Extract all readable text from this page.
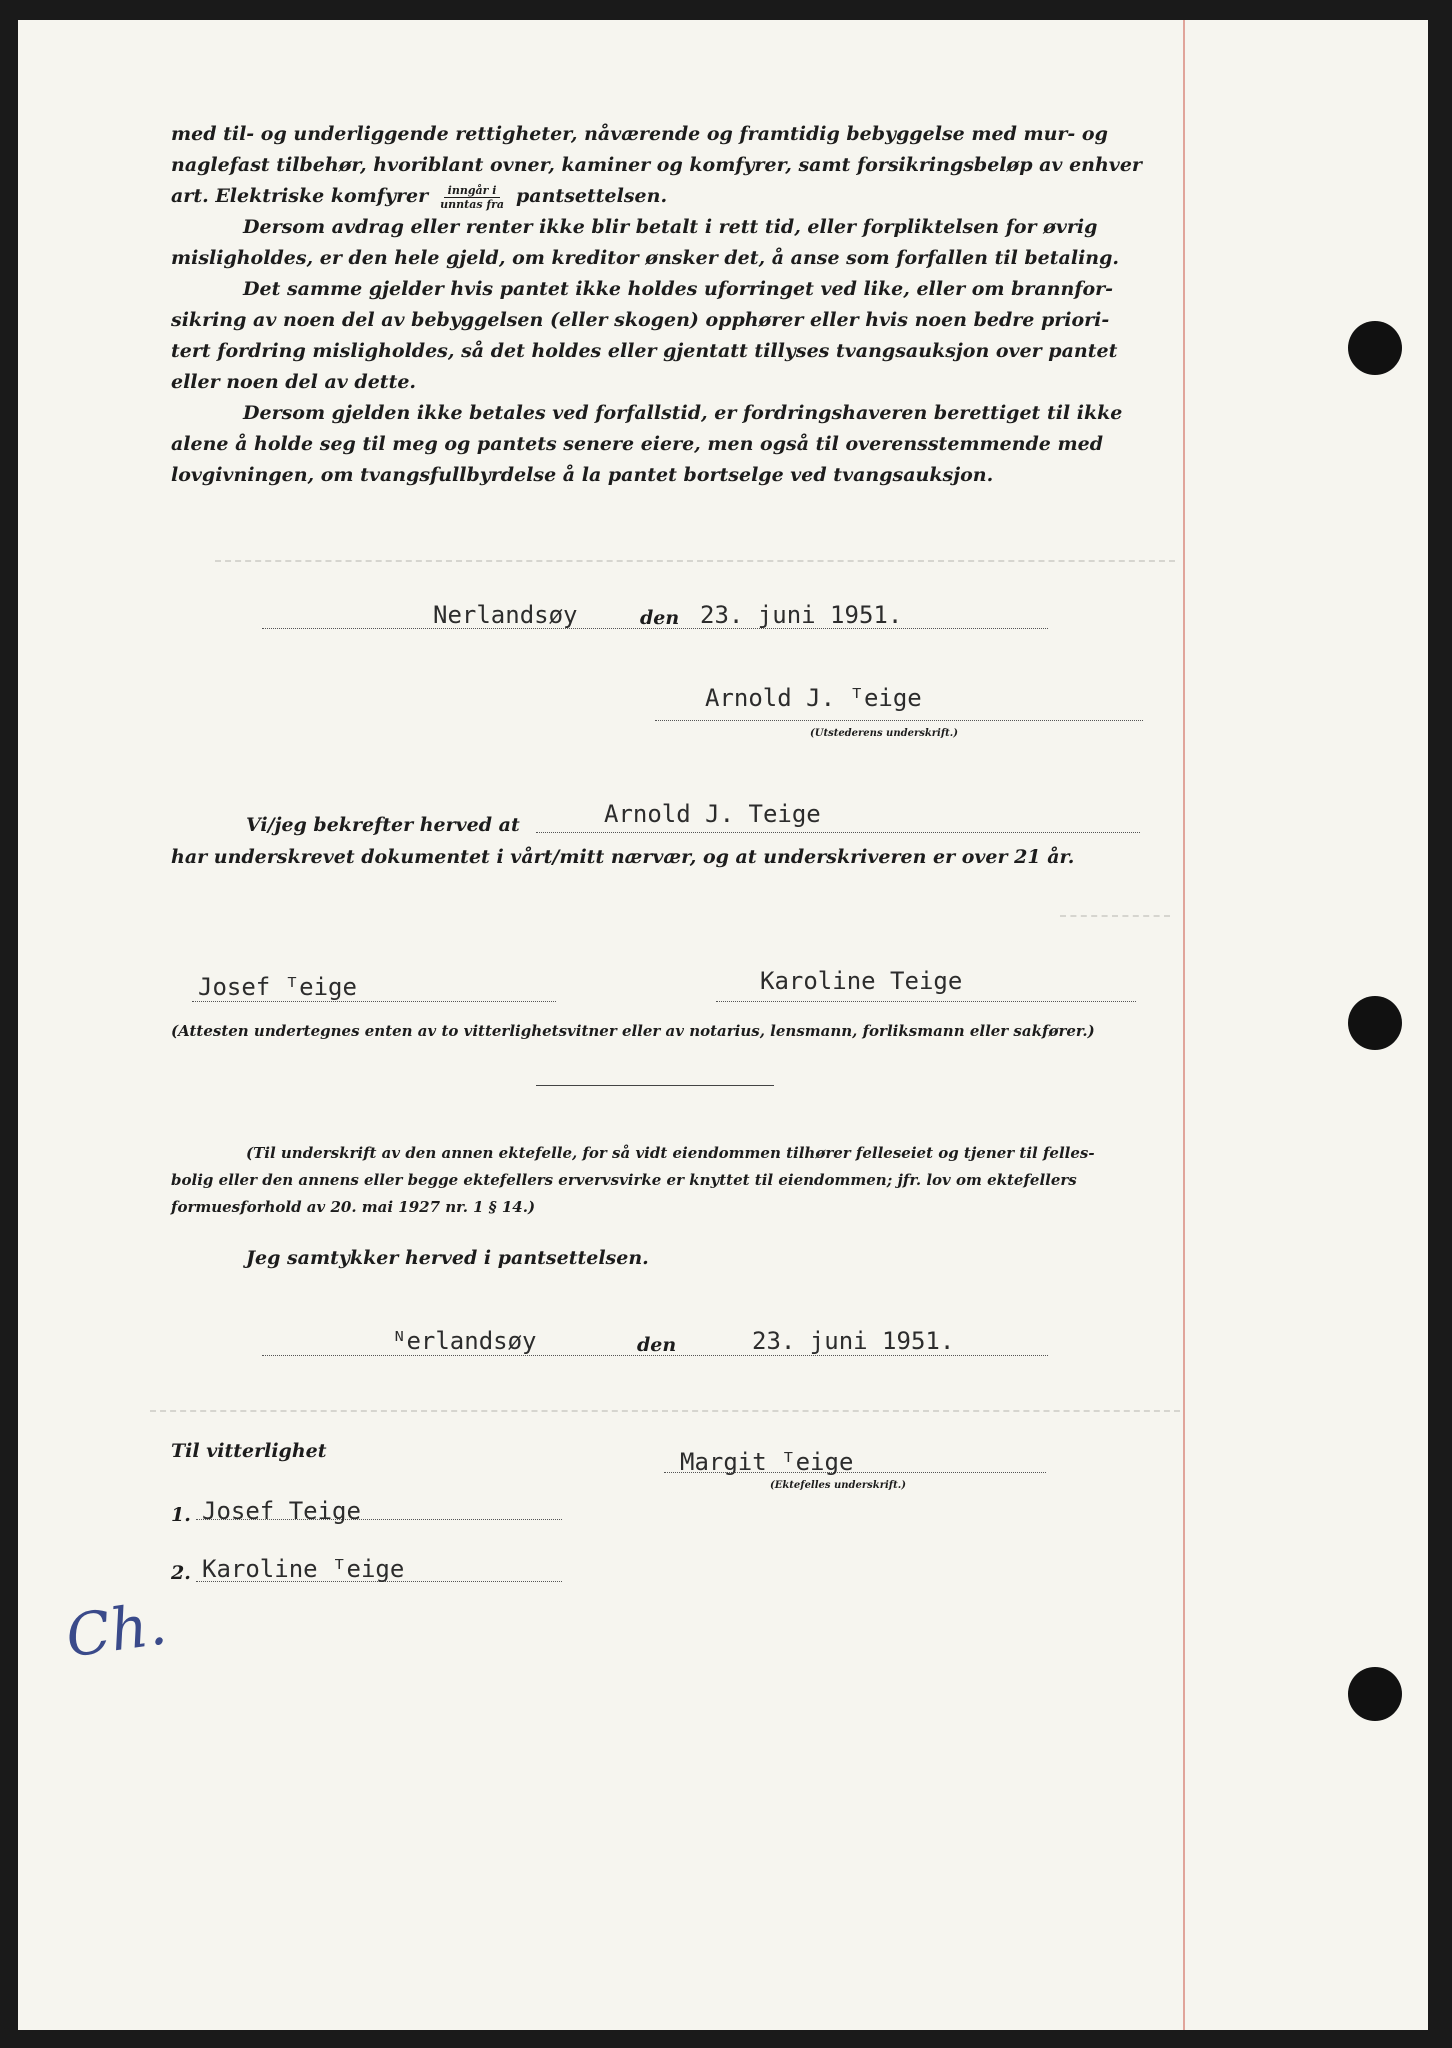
med til- og underliggende rettigheter, nåværende og framtidig bebyggelse med mur- og

naglefast tilbehør, hvoriblant ovner, kaminer og komfyrer, samt forsikringsbeløp av enhver

art. Elektriske komfyrer $\frac{\text{inngår i}}{\text{unntas fra}}$ pantsettelsen.

Dersom avdrag eller renter ikke blir betalt i rett tid, eller forpliktelsen for øvrig

misligholdes, er den hele gjeld, om kreditor ønsker det, å anse som forfallen til betaling.

Det samme gjelder hvis pantet ikke holdes uforringet ved like, eller om brannfor-

sikring av noen del av bebyggelsen (eller skogen) opphører eller hvis noen bedre priori-

tert fordring misligholdes, så det holdes eller gjentatt tillyses tvangsauksjon over pantet

eller noen del av dette.

Dersom gjelden ikke betales ved forfallstid, er fordringshaveren berettiget til ikke

alene å holde seg til meg og pantets senere eiere, men også til overensstemmende med

lovgivningen, om tvangsfullbyrdelse å la pantet bortselge ved tvangsauksjon.

Nerlandsøy	den 23. juni 1951.

Arnold J. ᵀeige

(Utstederens underskrift.)

Vi/jeg bekrefter herved at	Arnold J. Teige

har underskrevet dokumentet i vårt/mitt nærvær, og at underskriveren er over 21 år.

Josef ᵀeige	Karoline Teige

(Attesten undertegnes enten av to vitterlighetsvitner eller av notarius, lensmann, forliksmann eller sakfører.)

(Til underskrift av den annen ektefelle, for så vidt eiendommen tilhører felleseiet og tjener til felles-

bolig eller den annens eller begge ektefellers ervervsvirke er knyttet til eiendommen; jfr. lov om ektefellers

formuesforhold av 20. mai 1927 nr. 1 § 14.)

Jeg samtykker herved i pantsettelsen.

ᴺerlandsøy	den	23. juni 1951.

Til vitterlighet	Margit ᵀeige

(Ektefelles underskrift.)

1. Josef Teige

2. Karoline ᵀeige

Ch.
